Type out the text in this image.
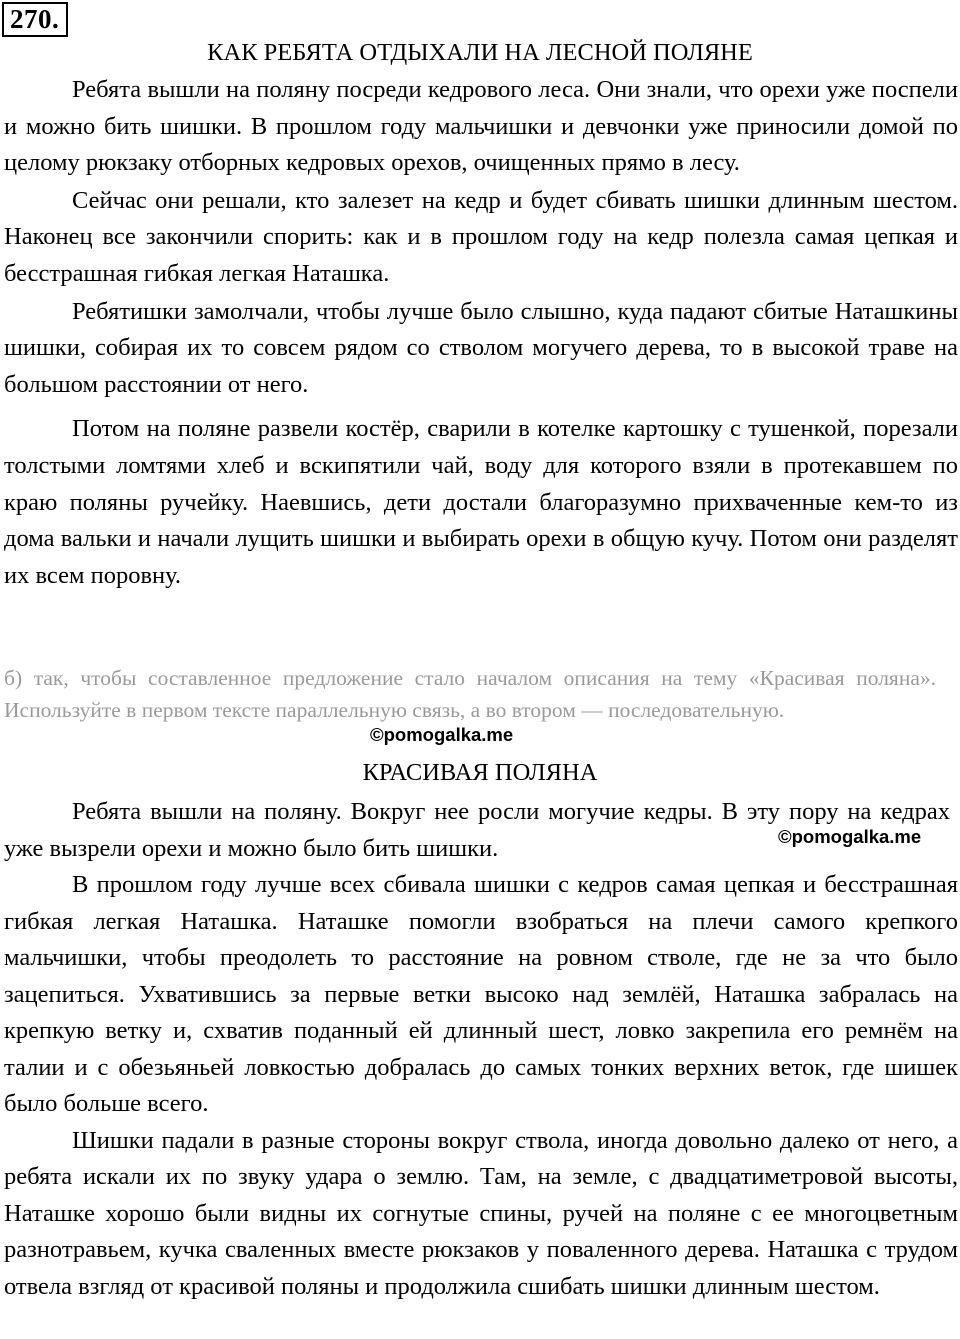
270.
КАК РЕБЯТА ОТДЫХАЛИ НА ЛЕСНОЙ ПОЛЯНЕ

Ребята вышли на поляну посреди кедрового леса. Они знали, что орехи уже поспели и можно бить шишки. В прошлом году мальчишки и девчонки уже приносили домой по целому рюкзаку отборных кедровых орехов, очищенных прямо в лесу.

Сейчас они решали, кто залезет на кедр и будет сбивать шишки длинным шестом. Наконец все закончили спорить: как и в прошлом году на кедр полезла самая цепкая и бесстрашная гибкая легкая Наташка.

Ребятишки замолчали, чтобы лучше было слышно, куда падают сбитые Наташкины шишки, собирая их то совсем рядом со стволом могучего дерева, то в высокой траве на большом расстоянии от него.

Потом на поляне развели костёр, сварили в котелке картошку с тушенкой, порезали толстыми ломтями хлеб и вскипятили чай, воду для которого взяли в протекавшем по краю поляны ручейку. Наевшись, дети достали благоразумно прихваченные кем-то из дома вальки и начали лущить шишки и выбирать орехи в общую кучу. Потом они разделят их всем поровну.

б) так, чтобы составленное предложение стало началом описания на тему «Красивая поляна». Используйте в первом тексте параллельную связь, а во втором — последовательную.
©pomogalka.me
КРАСИВАЯ ПОЛЯНА

Ребята вышли на поляну. Вокруг нее росли могучие кедры. В эту пору на кедрах уже вызрели орехи и можно было бить шишки.

В прошлом году лучше всех сбивала шишки с кедров самая цепкая и бесстрашная гибкая легкая Наташка. Наташке помогли взобраться на плечи самого крепкого мальчишки, чтобы преодолеть то расстояние на ровном стволе, где не за что было зацепиться. Ухватившись за первые ветки высоко над землёй, Наташка забралась на крепкую ветку и, схватив поданный ей длинный шест, ловко закрепила его ремнём на талии и с обезьяньей ловкостью добралась до самых тонких верхних веток, где шишек было больше всего.

Шишки падали в разные стороны вокруг ствола, иногда довольно далеко от него, а ребята искали их по звуку удара о землю. Там, на земле, с двадцатиметровой высоты, Наташке хорошо были видны их согнутые спины, ручей на поляне с ее многоцветным разнотравьем, кучка сваленных вместе рюкзаков у поваленного дерева. Наташка с трудом отвела взгляд от красивой поляны и продолжила сшибать шишки длинным шестом.

©pomogalka.me
